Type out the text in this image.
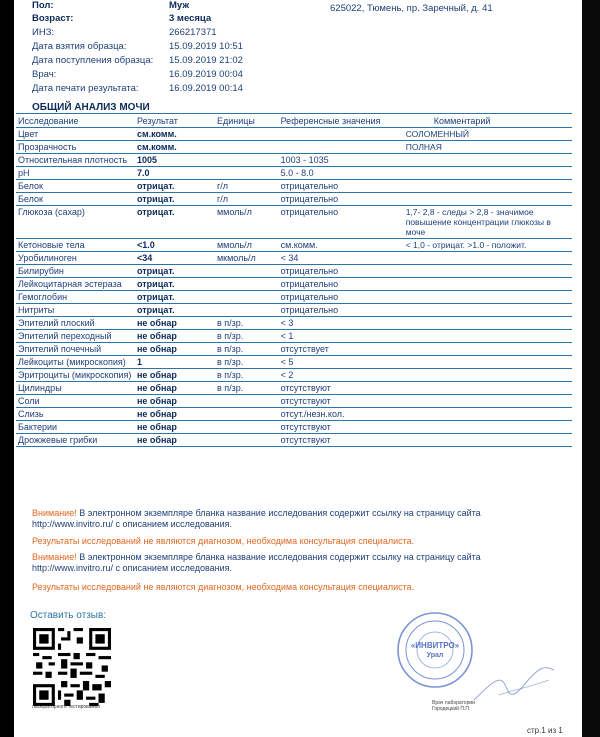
Пол:	Муж
Возраст:	3 месяца
ИНЗ:	266217371
Дата взятия образца:	15.09.2019 10:51
Дата поступления образца: 15.09.2019 21:02
Врач:	16.09.2019 00:04
Дата печати результата:	16.09.2019 00:14
625022, Тюмень, пр. Заречный, д. 41
ОБЩИЙ АНАЛИЗ МОЧИ
Исследование	Результат	Единицы	Референсные значения	Комментарий
Цвет	см.комм.			СОЛОМЕННЫЙ
Прозрачность	см.комм.			ПОЛНАЯ
Относительная плотность	1005		1003 - 1035	
pH	7.0		5.0 - 8.0	
Белок	отрицат.	г/л	отрицательно	
Белок	отрицат.	г/л	отрицательно	
Глюкоза (сахар)	отрицат.	ммоль/л	отрицательно	1,7- 2,8 - следы > 2,8 - значимое повышение концентрации глюкозы в моче
Кетоновые тела	<1.0	ммоль/л	см.комм.	< 1,0 - отрицат. >1.0 - положит.
Уробилиноген	<34	мкмоль/л	< 34	
Билирубин	отрицат.		отрицательно	
Лейкоцитарная эстераза	отрицат.		отрицательно	
Гемоглобин	отрицат.		отрицательно	
Нитриты	отрицат.		отрицательно	
Эпителий плоский	не обнар	в п/зр.	< 3	
Эпителий переходный	не обнар	в п/зр.	< 1	
Эпителий почечный	не обнар	в п/зр.	отсутствует	
Лейкоциты (микроскопия)	1	в п/зр.	< 5	
Эритроциты (микроскопия)	не обнар	в п/зр.	< 2	
Цилиндры	не обнар	в п/зр.	отсутствуют	
Соли	не обнар		отсутствуют	
Слизь	не обнар		отсут./незн.кол.	
Бактерии	не обнар		отсутствуют	
Дрожжевые грибки	не обнар		отсутствуют	
Внимание! В электронном экземпляре бланка название исследования содержит ссылку на страницу сайта
http://www.invitro.ru/ с описанием исследования.
Результаты исследований не являются диагнозом, необходима консультация специалиста.
Внимание! В электронном экземпляре бланка название исследования содержит ссылку на страницу сайта
http://www.invitro.ru/ с описанием исследования.
Результаты исследований не являются диагнозом, необходима консультация специалиста.
Оставить отзыв:
лабораторного тестирования
«ИНВИТРО»
Урал
Врач лаборатории
Городецкий П.П.
стр.1 из 1
